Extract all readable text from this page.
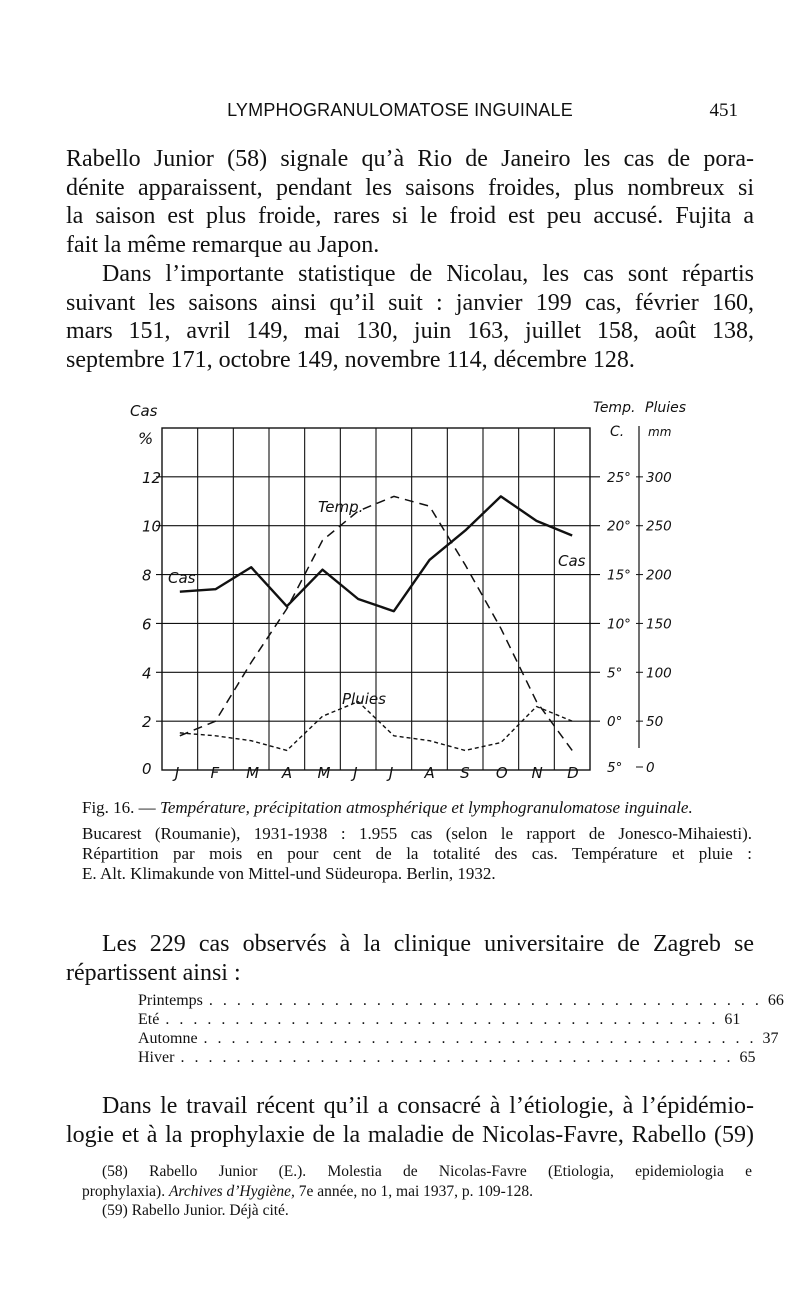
LYMPHOGRANULOMATOSE INGUINALE	451
Rabello Junior (58) signale qu’à Rio de Janeiro les cas de pora-
dénite apparaissent, pendant les saisons froides, plus nombreux si
la saison est plus froide, rares si le froid est peu accusé. Fujita a
fait la même remarque au Japon.
Dans l’importante statistique de Nicolau, les cas sont répartis
suivant les saisons ainsi qu’il suit : janvier 199 cas, février 160,
mars 151, avril 149, mai 130, juin 163, juillet 158, août 138,
septembre 171, octobre 149, novembre 114, décembre 128.
12
10
8
6
4
2
0
Cas
%
Temp. Pluies
C. mm
25° 300
20° 250
15° 200
10° 150
5° 100
0° 50
5° 0
J F M A M J J A S O N D
Cas
Temp.
Pluies
Cas
Fig. 16. — Température, précipitation atmosphérique et lymphogranulomatose inguinale.
Bucarest (Roumanie), 1931-1938 : 1.955 cas (selon le rapport de Jonesco-Mihaiesti).
Répartition par mois en pour cent de la totalité des cas. Température et pluie :
E. Alt. Klimakunde von Mittel-und Südeuropa. Berlin, 1932.
Les 229 cas observés à la clinique universitaire de Zagreb se
répartissent ainsi :
Printemps . . . . . . . . . . . . . . . . . . . . . . . . . . . . . . . . . . . . . . . . 66
Eté . . . . . . . . . . . . . . . . . . . . . . . . . . . . . . . . . . . . . . . . 61
Automne . . . . . . . . . . . . . . . . . . . . . . . . . . . . . . . . . . . . . . . . 37
Hiver . . . . . . . . . . . . . . . . . . . . . . . . . . . . . . . . . . . . . . . . 65
Dans le travail récent qu’il a consacré à l’étiologie, à l’épidémio-
logie et à la prophylaxie de la maladie de Nicolas-Favre, Rabello (59)
(58) Rabello Junior (E.). Molestia de Nicolas-Favre (Etiologia, epidemiologia e
prophylaxia). Archives d’Hygiène, 7e année, no 1, mai 1937, p. 109-128.
(59) Rabello Junior. Déjà cité.
